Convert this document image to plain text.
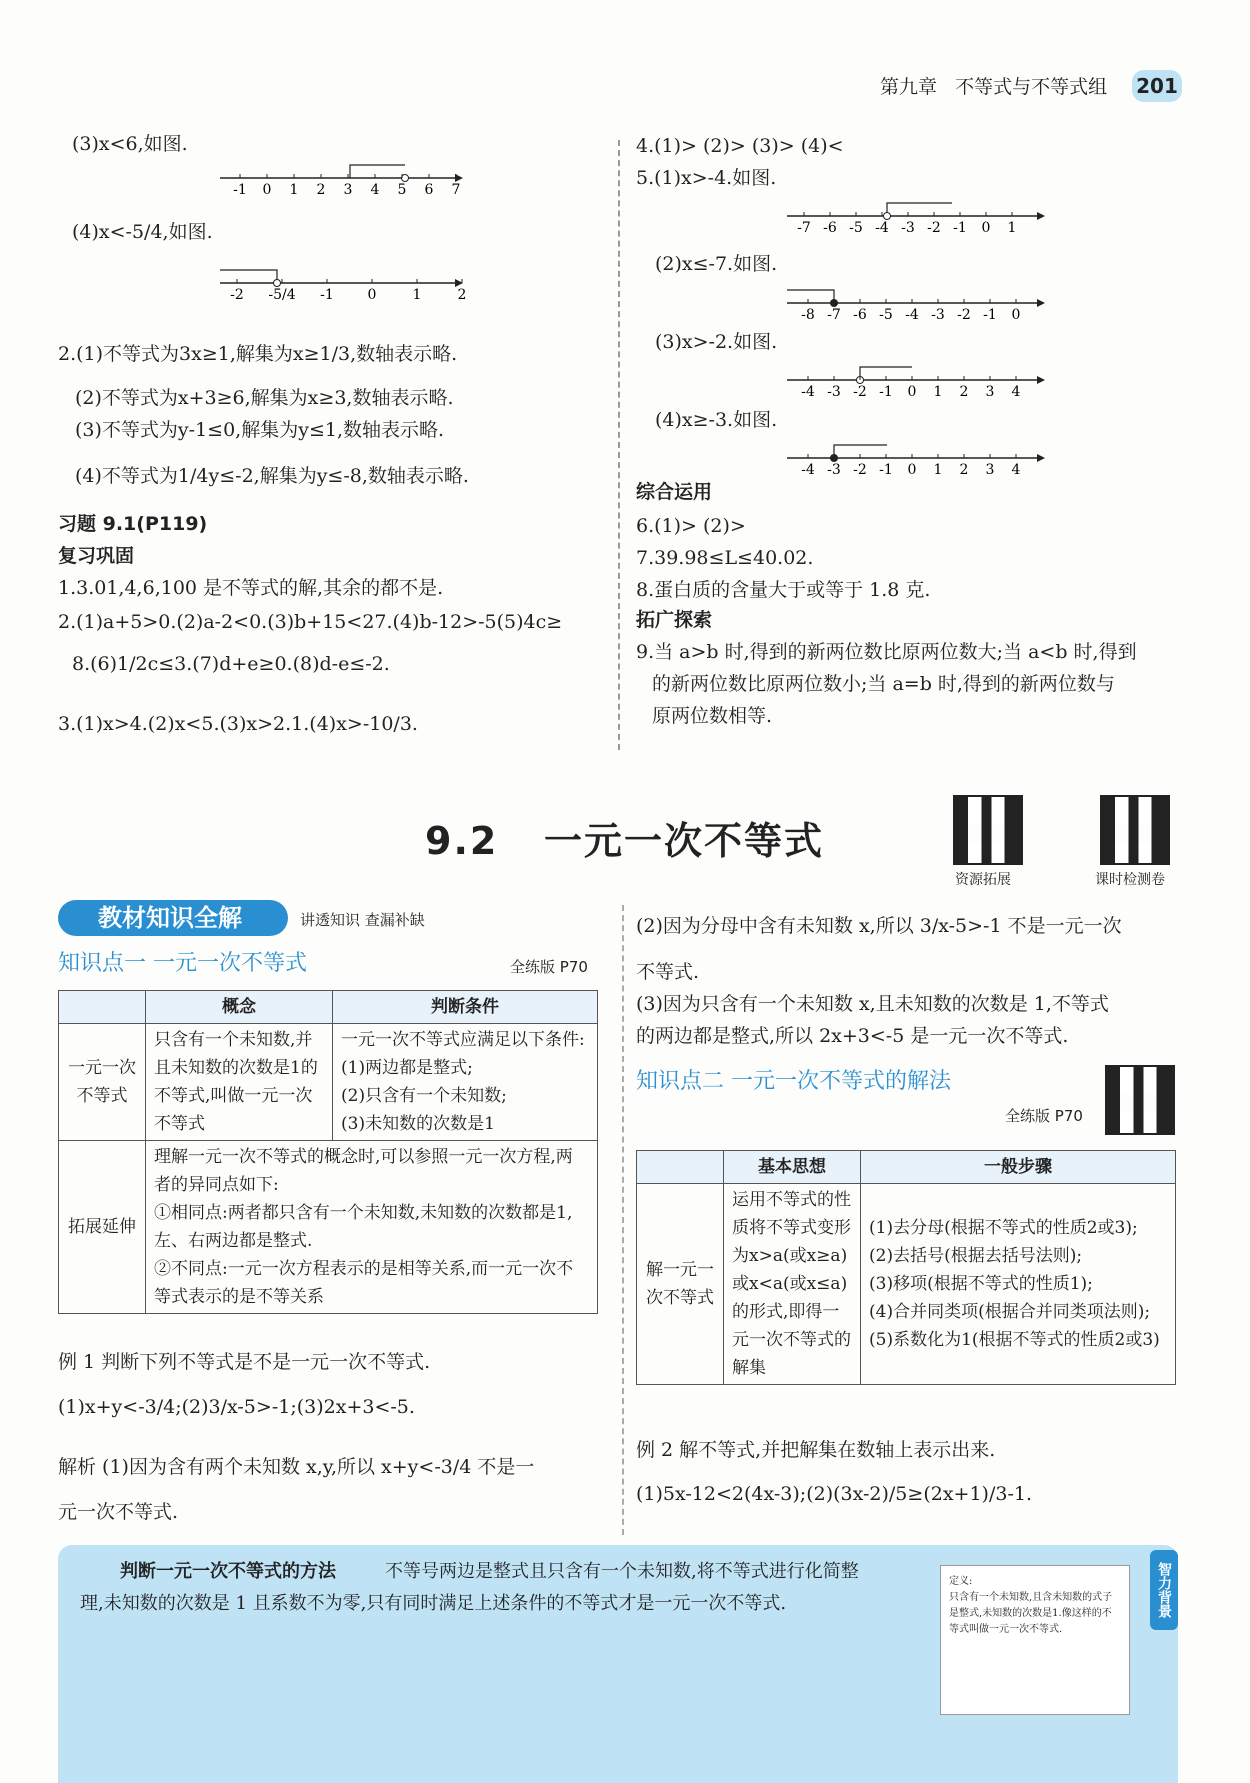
第九章 不等式与不等式组 201
(3)x<6,如图.
-1 0 1 2 3 4 5 6 7
(4)x<-5/4,如图.
-2 -5/4 -1 0	1	2
2.(1)不等式为3x≥1,解集为x≥1/3,数轴表示略.
(2)不等式为x+3≥6,解集为x≥3,数轴表示略.
(3)不等式为y-1≤0,解集为y≤1,数轴表示略.
(4)不等式为1/4y≤-2,解集为y≤-8,数轴表示略.
习题 9.1(P119)
复习巩固
1.3.01,4,6,100 是不等式的解,其余的都不是.
2.(1)a+5>0.(2)a-2<0.(3)b+15<27.(4)b-12>-5(5)4c≥
8.(6)1/2c≤3.(7)d+e≥0.(8)d-e≤-2.
3.(1)x>4.(2)x<5.(3)x>2.1.(4)x>-10/3.
4.(1)> (2)> (3)> (4)<
5.(1)x>-4.如图.
-7 -6 -5 -4 -3 -2 -1 0 1
(2)x≤-7.如图.
-8 -7 -6 -5 -4 -3 -2 -1 0
(3)x>-2.如图.
-4 -3 -2 -1 0 1 2 3 4
(4)x≥-3.如图.
-4 -3 -2 -1 0 1 2 3 4
综合运用
6.(1)> (2)>
7.39.98≤L≤40.02.
8.蛋白质的含量大于或等于 1.8 克.
拓广探索
9.当 a>b 时,得到的新两位数比原两位数大;当 a<b 时,得到
的新两位数比原两位数小;当 a=b 时,得到的新两位数与
原两位数相等.
9.2 一元一次不等式
资源拓展	课时检测卷
教材知识全解	讲透知识 查漏补缺
知识点一 一元一次不等式	全练版 P70
	概念	判断条件
一元一次不等式	只含有一个未知数,并且未知数的次数是1的不等式,叫做一元一次不等式	一元一次不等式应满足以下条件:(1)两边都是整式;
(2)只含有一个未知数;
(3)未知数的次数是1

拓展延伸	理解一元一次不等式的概念时,可以参照一元一次方程,两者的异同点如下:
①相同点:两者都只含有一个未知数,未知数的次数都是1,左、右两边都是整式.
②不同点:一元一次方程表示的是相等关系,而一元一次不等式表示的是不等关系	
例 1 判断下列不等式是不是一元一次不等式.
(1)x+y<-3/4;(2)3/x-5>-1;(3)2x+3<-5.
解析 (1)因为含有两个未知数 x,y,所以 x+y<-3/4 不是一
元一次不等式.
(2)因为分母中含有未知数 x,所以 3/x-5>-1 不是一元一次
不等式.
(3)因为只含有一个未知数 x,且未知数的次数是 1,不等式
的两边都是整式,所以 2x+3<-5 是一元一次不等式.
知识点二 一元一次不等式的解法
全练版 P70
	基本思想	一般步骤
解一元一次不等式	运用不等式的性质将不等式变形为x>a(或x≥a)或x<a(或x≤a)的形式,即得一元一次不等式的解集	(1)去分母(根据不等式的性质2或3);
(2)去括号(根据去括号法则);
(3)移项(根据不等式的性质1);
(4)合并同类项(根据合并同类项法则);
(5)系数化为1(根据不等式的性质2或3)
例 2 解不等式,并把解集在数轴上表示出来.
(1)5x-12<2(4x-3);(2)(3x-2)/5≥(2x+1)/3-1.
判断一元一次不等式的方法	不等号两边是整式且只含有一个未知数,将不等式进行化简整
理,未知数的次数是 1 且系数不为零,只有同时满足上述条件的不等式才是一元一次不等式.
定义:
只含有一个未知数,且含未知数的式子是整式,未知数的次数是1.像这样的不等式叫做一元一次不等式.
智力背景
